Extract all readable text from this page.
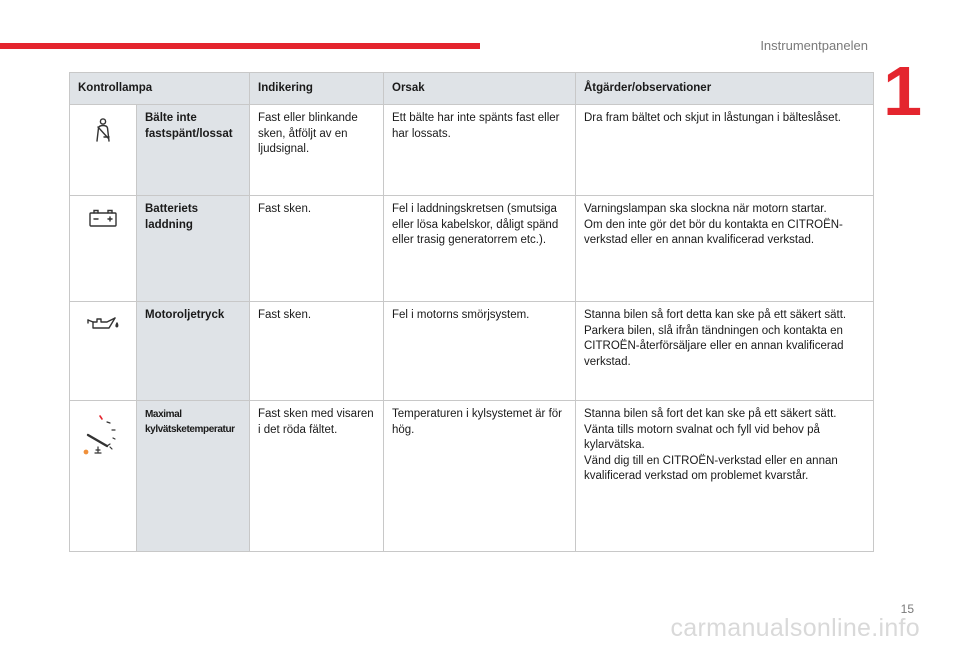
Instrumentpanelen
1
Kontrollampa		Indikering	Orsak	Åtgärder/observationer

	Bälte inte fastspänt/lossat	Fast eller blinkande sken, åtföljt av en ljudsignal.	Ett bälte har inte spänts fast eller har lossats.	Dra fram bältet och skjut in låstungan i bälteslåset.

	Batteriets laddning	Fast sken.	Fel i laddningskretsen (smutsiga eller lösa kabelskor, dåligt spänd eller trasig generatorrem etc.).	Varningslampan ska slockna när motorn startar.
Om den inte gör det bör du kontakta en CITROËN-verkstad eller en annan kvalificerad verkstad.

	Motoroljetryck	Fast sken.	Fel i motorns smörjsystem.	Stanna bilen så fort detta kan ske på ett säkert sätt.
Parkera bilen, slå ifrån tändningen och kontakta en CITROËN-återförsäljare eller en annan kvalificerad verkstad.

	Maximal kylvätsketemperatur	Fast sken med visaren i det röda fältet.	Temperaturen i kylsystemet är för hög.	Stanna bilen så fort det kan ske på ett säkert sätt.
Vänta tills motorn svalnat och fyll vid behov på kylarvätska.
Vänd dig till en CITROËN-verkstad eller en annan kvalificerad verkstad om problemet kvarstår.
15
carmanualsonline.info
